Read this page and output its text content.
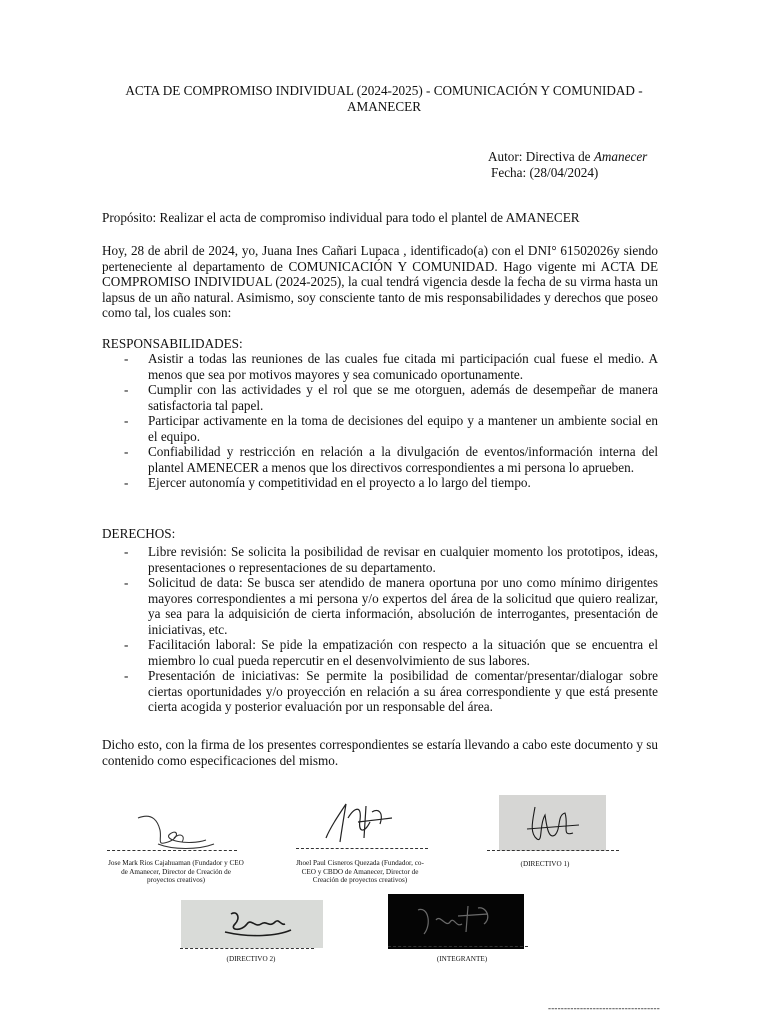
ACTA DE COMPROMISO INDIVIDUAL (2024-2025) - COMUNICACIÓN Y COMUNIDAD - AMANECER
Autor: Directiva de Amanecer
Fecha: (28/04/2024)
Propósito: Realizar el acta de compromiso individual para todo el plantel de AMANECER
Hoy, 28 de abril de 2024, yo, Juana Ines Cañari Lupaca , identificado(a) con el DNI° 61502026y siendo perteneciente al departamento de COMUNICACIÓN Y COMUNIDAD. Hago vigente mi ACTA DE COMPROMISO INDIVIDUAL (2024-2025), la cual tendrá vigencia desde la fecha de su virma hasta un lapsus de un año natural. Asimismo, soy consciente tanto de mis responsabilidades y derechos que poseo como tal, los cuales son:
RESPONSABILIDADES:
- Asistir a todas las reuniones de las cuales fue citada mi participación cual fuese el medio. A menos que sea por motivos mayores y sea comunicado oportunamente.
- Cumplir con las actividades y el rol que se me otorguen, además de desempeñar de manera satisfactoria tal papel.
- Participar activamente en la toma de decisiones del equipo y a mantener un ambiente social en el equipo.
- Confiabilidad y restricción en relación a la divulgación de eventos/información interna del plantel AMENECER a menos que los directivos correspondientes a mi persona lo aprueben.
- Ejercer autonomía y competitividad en el proyecto a lo largo del tiempo.
DERECHOS:
- Libre revisión: Se solicita la posibilidad de revisar en cualquier momento los prototipos, ideas, presentaciones o representaciones de su departamento.
- Solicitud de data: Se busca ser atendido de manera oportuna por uno como mínimo dirigentes mayores correspondientes a mi persona y/o expertos del área de la solicitud que quiero realizar, ya sea para la adquisición de cierta información, absolución de interrogantes, presentación de iniciativas, etc.
- Facilitación laboral: Se pide la empatización con respecto a la situación que se encuentra el miembro lo cual pueda repercutir en el desenvolvimiento de sus labores.
- Presentación de iniciativas: Se permite la posibilidad de comentar/presentar/dialogar sobre ciertas oportunidades y/o proyección en relación a su área correspondiente y que está presente cierta acogida y posterior evaluación por un responsable del área.
Dicho esto, con la firma de los presentes correspondientes se estaría llevando a cabo este documento y su contenido como especificaciones del mismo.
Jose Mark Rios Cajahuaman (Fundador y CEO de Amanecer, Director de Creación de proyectos creativos)
Jhoel Paul Cisneros Quezada (Fundador, co-CEO y CBDO de Amanecer, Director de Creación de proyectos creativos)
(DIRECTIVO 1)
(DIRECTIVO 2)	(INTEGRANTE)
-----------------------------------
